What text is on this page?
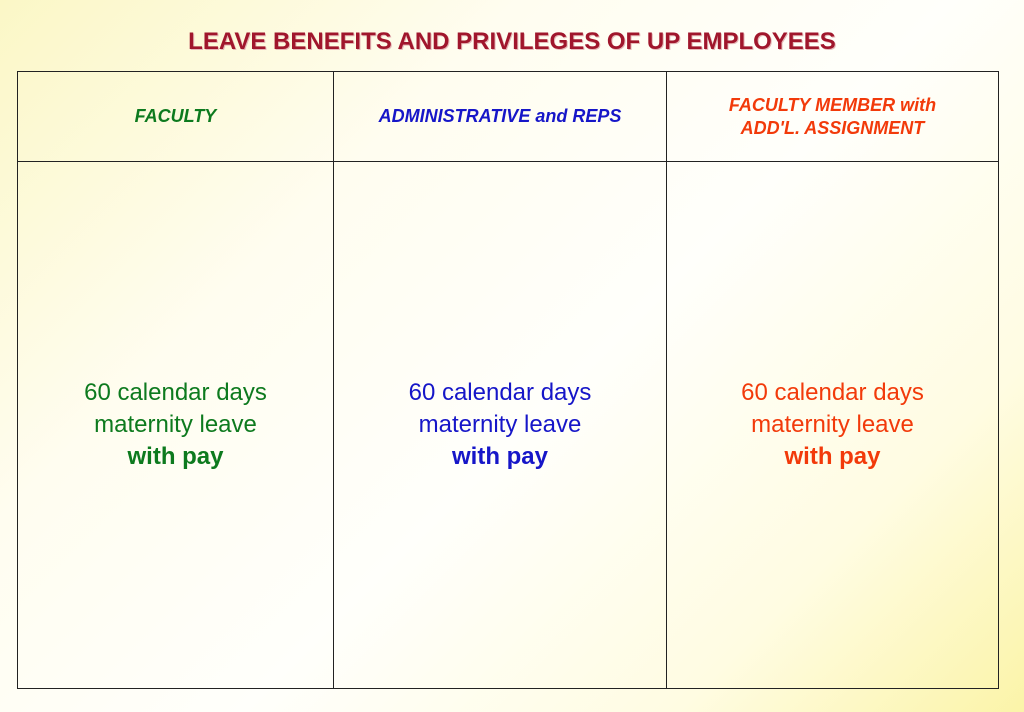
LEAVE BENEFITS AND PRIVILEGES OF UP EMPLOYEES
FACULTY	ADMINISTRATIVE and REPS
FACULTY MEMBER with
ADD'L. ASSIGNMENT
60 calendar days
maternity leave
with pay
60 calendar days
maternity leave
with pay
60 calendar days
maternity leave
with pay
